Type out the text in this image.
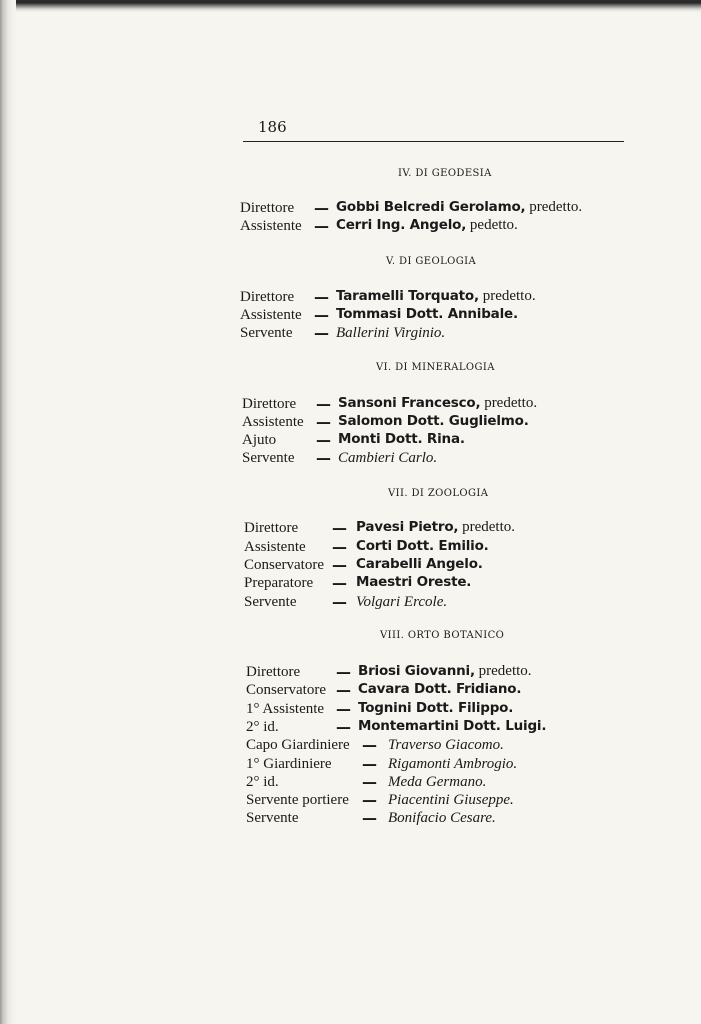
186
IV. DI GEODESIA
Direttore — Gobbi Belcredi Gerolamo, predetto.
Assistente — Cerri Ing. Angelo, pedetto.
V. DI GEOLOGIA
Direttore — Taramelli Torquato, predetto.
Assistente — Tommasi Dott. Annibale.
Servente — Ballerini Virginio.
VI. DI MINERALOGIA
Direttore — Sansoni Francesco, predetto.
Assistente — Salomon Dott. Guglielmo.
Ajuto	— Monti Dott. Rina.
Servente — Cambieri Carlo.
VII. DI ZOOLOGIA
Direttore — Pavesi Pietro, predetto.
Assistente — Corti Dott. Emilio.
Conservatore — Carabelli Angelo.
Preparatore — Maestri Oreste.
Servente — Volgari Ercole.
VIII. ORTO BOTANICO
Direttore — Briosi Giovanni, predetto.
Conservatore — Cavara Dott. Fridiano.
1° Assistente — Tognini Dott. Filippo.
2° id.	— Montemartini Dott. Luigi.
Capo Giardiniere — Traverso Giacomo.
1° Giardiniere — Rigamonti Ambrogio.
2° id.	— Meda Germano.
Servente portiere — Piacentini Giuseppe.
Servente	— Bonifacio Cesare.
